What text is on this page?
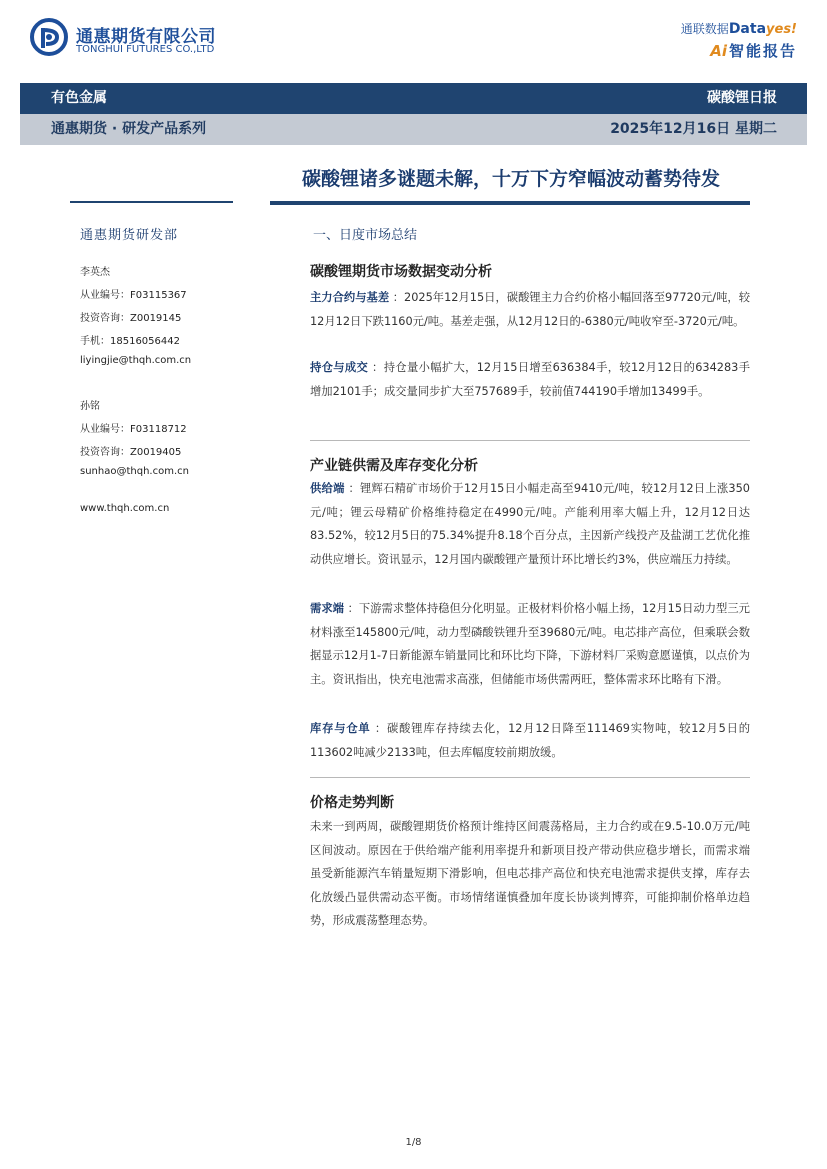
通惠期货有限公司
TONGHUI FUTURES CO.,LTD
通联数据Datayes!
Ai 智能报告
有色金属	碳酸锂日报
通惠期货 · 研发产品系列	2025年12月16日 星期二
碳酸锂诸多谜题未解，十万下方窄幅波动蓄势待发
通惠期货研发部
李英杰
从业编号：F03115367
投资咨询：Z0019145
手机：18516056442
liyingjie@thqh.com.cn
孙铭
从业编号：F03118712
投资咨询：Z0019405
sunhao@thqh.com.cn
www.thqh.com.cn
一、日度市场总结
碳酸锂期货市场数据变动分析
主力合约与基差 ：2025年12月15日，碳酸锂主力合约价格小幅回落至97720元/吨，较12月12日下跌1160元/吨。基差走强，从12月12日的-6380元/吨收窄至-3720元/吨。
持仓与成交 ：持仓量小幅扩大，12月15日增至636384手，较12月12日的634283手增加2101手；成交量同步扩大至757689手，较前值744190手增加13499手。
产业链供需及库存变化分析
供给端 ：锂辉石精矿市场价于12月15日小幅走高至9410元/吨，较12月12日上涨350元/吨；锂云母精矿价格维持稳定在4990元/吨。产能利用率大幅上升，12月12日达83.52%，较12月5日的75.34%提升8.18个百分点，主因新产线投产及盐湖工艺优化推动供应增长。资讯显示，12月国内碳酸锂产量预计环比增长约3%，供应端压力持续。
需求端 ：下游需求整体持稳但分化明显。正极材料价格小幅上扬，12月15日动力型三元材料涨至145800元/吨，动力型磷酸铁锂升至39680元/吨。电芯排产高位，但乘联会数据显示12月1-7日新能源车销量同比和环比均下降，下游材料厂采购意愿谨慎，以点价为主。资讯指出，快充电池需求高涨，但储能市场供需两旺，整体需求环比略有下滑。
库存与仓单 ：碳酸锂库存持续去化，12月12日降至111469实物吨，较12月5日的113602吨减少2133吨，但去库幅度较前期放缓。
价格走势判断
未来一到两周，碳酸锂期货价格预计维持区间震荡格局，主力合约或在9.5-10.0万元/吨区间波动。原因在于供给端产能利用率提升和新项目投产带动供应稳步增长，而需求端虽受新能源汽车销量短期下滑影响，但电芯排产高位和快充电池需求提供支撑，库存去化放缓凸显供需动态平衡。市场情绪谨慎叠加年度长协谈判博弈，可能抑制价格单边趋势，形成震荡整理态势。
1/8
